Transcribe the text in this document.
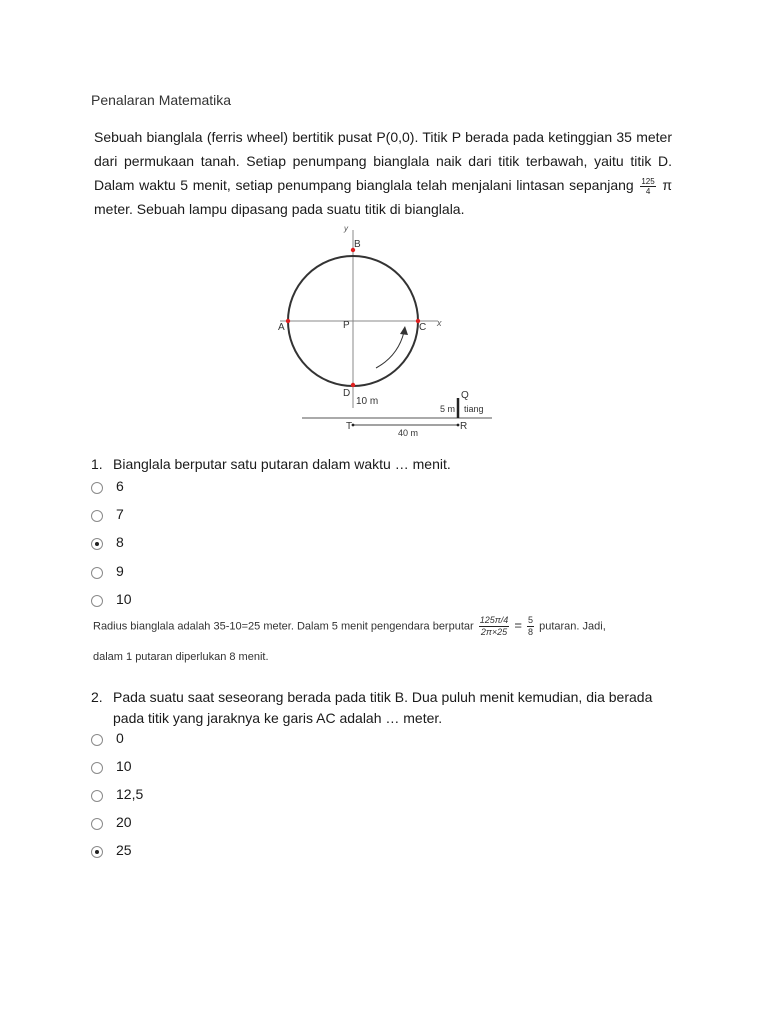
Penalaran Matematika
Sebuah bianglala (ferris wheel) bertitik pusat P(0,0). Titik P berada pada ketinggian 35 meter dari permukaan tanah. Setiap penumpang bianglala naik dari titik terbawah, yaitu titik D. Dalam waktu 5 menit, setiap penumpang bianglala telah menjalani lintasan sepanjang $\frac{125}{4}$ π meter. Sebuah lampu dipasang pada suatu titik di bianglala.
y
x
B
A	P	C
D
10 m
Q
5 m tiang
T	R
40 m
1. Bianglala berputar satu putaran dalam waktu … menit.
6
7
8
9
10
Radius bianglala adalah 35-10=25 meter. Dalam 5 menit pengendara berputar $\frac{125\pi/4}{2\pi\times 25} = \frac{5}{8}$ putaran. Jadi,
dalam 1 putaran diperlukan 8 menit.
2. Pada suatu saat seseorang berada pada titik B. Dua puluh menit kemudian, dia berada pada titik yang jaraknya ke garis AC adalah … meter.
0
10
12,5
20
25
